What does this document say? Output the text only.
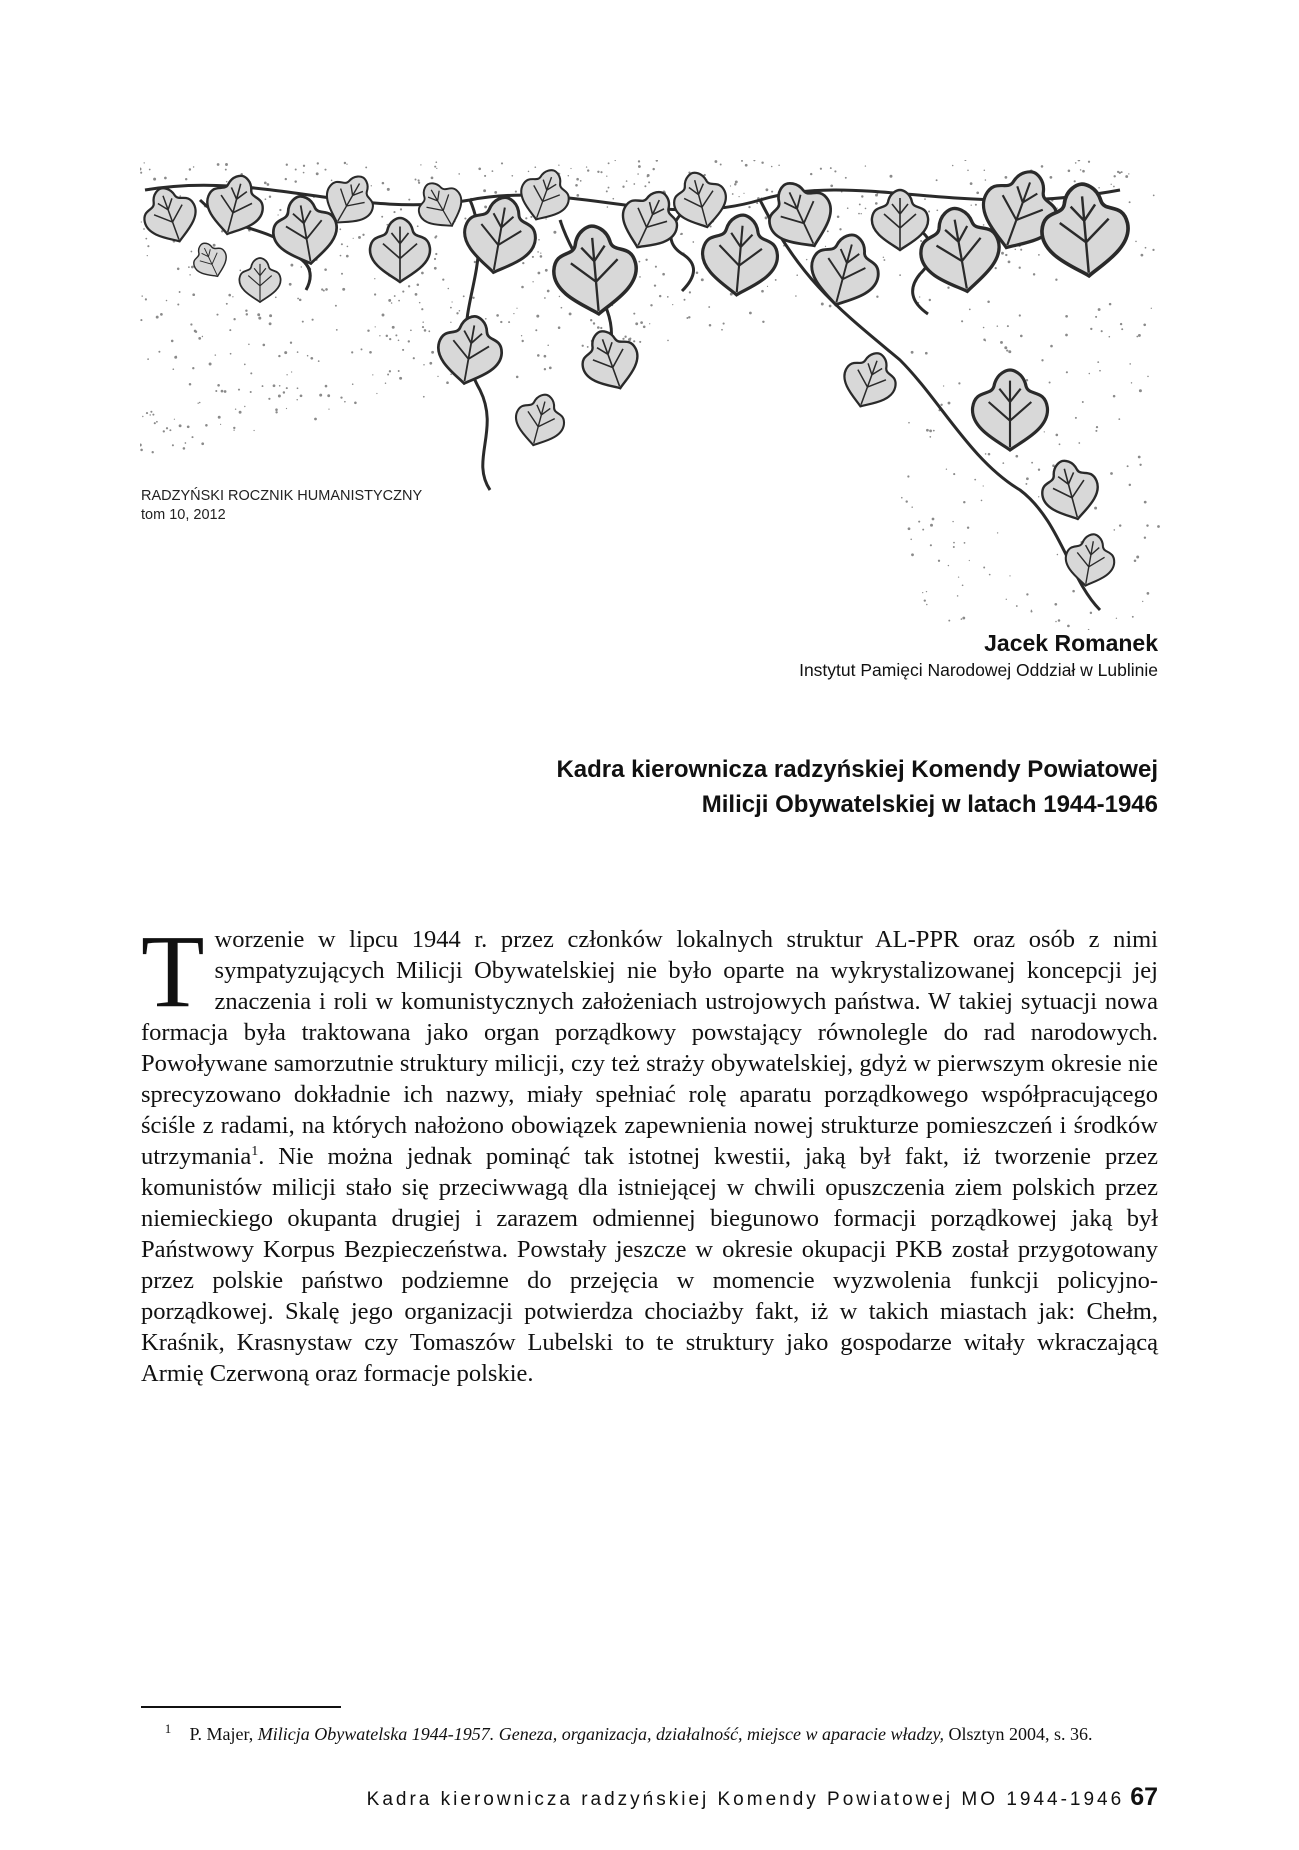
RADZYŃSKI ROCZNIK HUMANISTYCZNY
tom 10, 2012
Jacek Romanek
Instytut Pamięci Narodowej Oddział w Lublinie
Kadra kierownicza radzyńskiej Komendy Powiatowej
Milicji Obywatelskiej w latach 1944-1946
Tworzenie w lipcu 1944 r. przez członków lokalnych struktur AL-PPR oraz osób z nimi sympatyzujących Milicji Obywatelskiej nie było oparte na wykrystalizowanej koncepcji jej znaczenia i roli w komunistycznych założeniach ustrojowych państwa. W takiej sytuacji nowa formacja była traktowana jako organ porządkowy powstający równolegle do rad narodowych. Powoływane samorzutnie struktury milicji, czy też straży obywatelskiej, gdyż w pierwszym okresie nie sprecyzowano dokładnie ich nazwy, miały spełniać rolę aparatu porządkowego współpracującego ściśle z radami, na których nałożono obowiązek zapewnienia nowej strukturze pomieszczeń i środków utrzymania$^1$. Nie można jednak pominąć tak istotnej kwestii, jaką był fakt, iż tworzenie przez komunistów milicji stało się przeciwwagą dla istniejącej w chwili opuszczenia ziem polskich przez niemieckiego okupanta drugiej i zarazem odmiennej biegunowo formacji porządkowej jaką był Państwowy Korpus Bezpieczeństwa. Powstały jeszcze w okresie okupacji PKB został przygotowany przez polskie państwo podziemne do przejęcia w momencie wyzwolenia funkcji policyjno-porządkowej. Skalę jego organizacji potwierdza chociażby fakt, iż w takich miastach jak: Chełm, Kraśnik, Krasnystaw czy Tomaszów Lubelski to te struktury jako gospodarze witały wkraczającą Armię Czerwoną oraz formacje polskie.
1 P. Majer, Milicja Obywatelska 1944-1957. Geneza, organizacja, działalność, miejsce w aparacie władzy, Olsztyn 2004, s. 36.
Kadra kierownicza radzyńskiej Komendy Powiatowej MO 1944-1946 67
